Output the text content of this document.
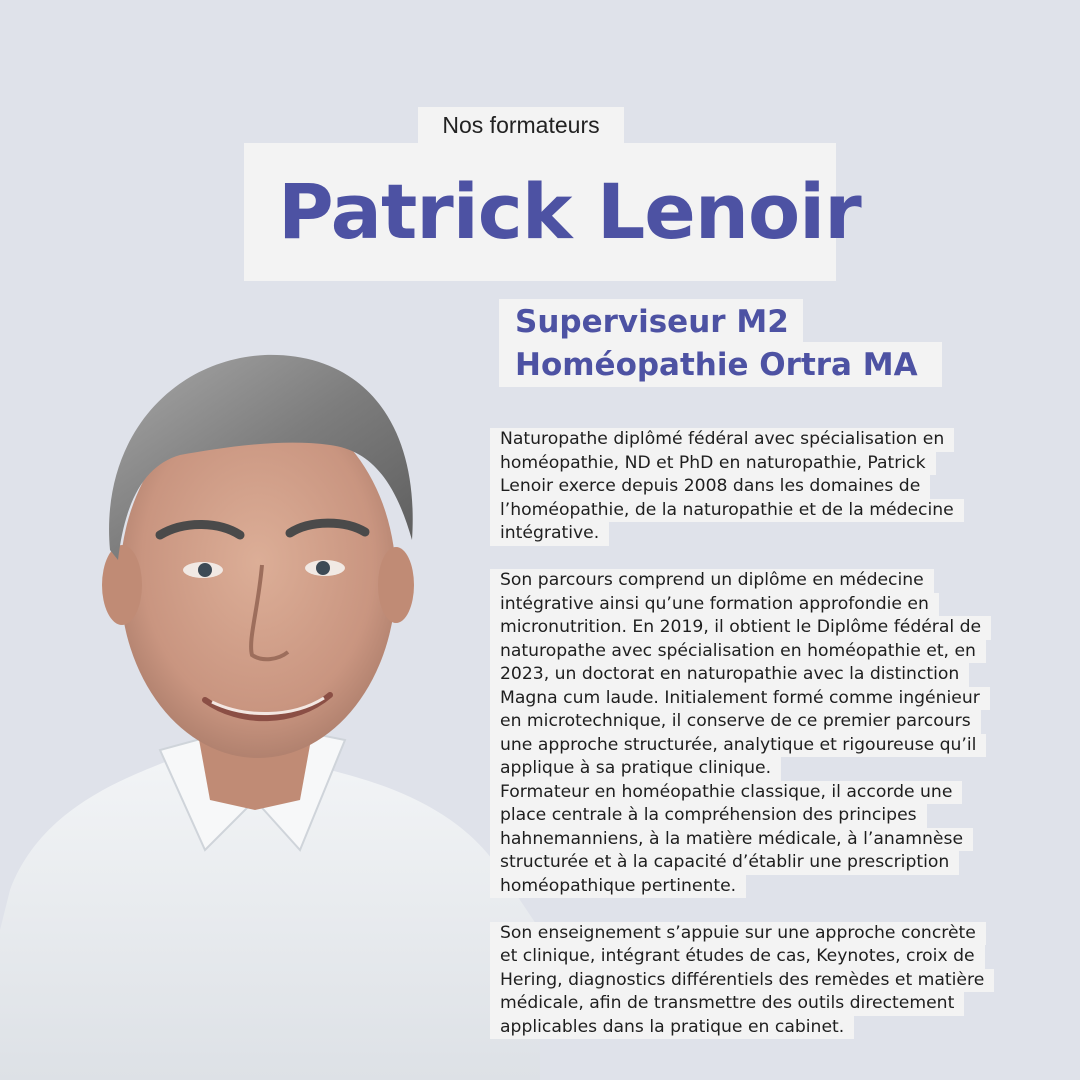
Nos formateurs
Patrick Lenoir
Superviseur M2
Homéopathie Ortra MA
Naturopathe diplômé fédéral avec spécialisation en
homéopathie, ND et PhD en naturopathie, Patrick
Lenoir exerce depuis 2008 dans les domaines de
l’homéopathie, de la naturopathie et de la médecine
intégrative.
Son parcours comprend un diplôme en médecine
intégrative ainsi qu’une formation approfondie en
micronutrition. En 2019, il obtient le Diplôme fédéral de
naturopathe avec spécialisation en homéopathie et, en
2023, un doctorat en naturopathie avec la distinction
Magna cum laude. Initialement formé comme ingénieur
en microtechnique, il conserve de ce premier parcours
une approche structurée, analytique et rigoureuse qu’il
applique à sa pratique clinique.
Formateur en homéopathie classique, il accorde une
place centrale à la compréhension des principes
hahnemanniens, à la matière médicale, à l’anamnèse
structurée et à la capacité d’établir une prescription
homéopathique pertinente.
Son enseignement s’appuie sur une approche concrète
et clinique, intégrant études de cas, Keynotes, croix de
Hering, diagnostics différentiels des remèdes et matière
médicale, afin de transmettre des outils directement
applicables dans la pratique en cabinet.
